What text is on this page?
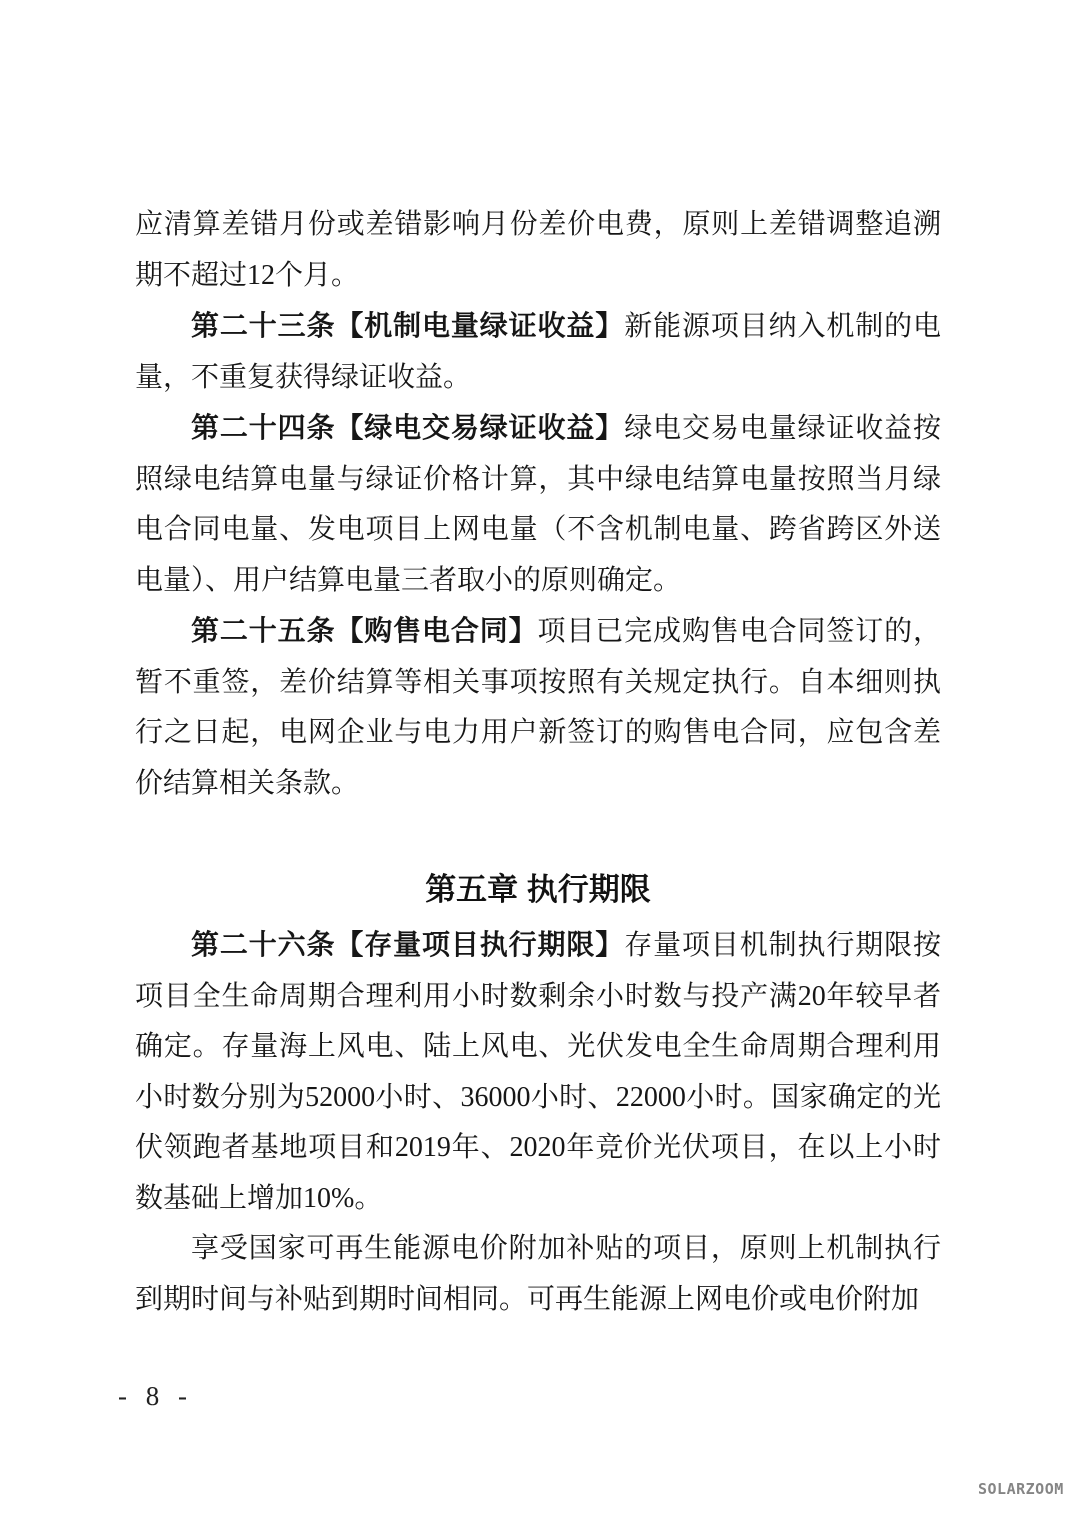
应清算差错月份或差错影响月份差价电费，原则上差错调整追溯期不超过12个月。

第二十三条【机制电量绿证收益】新能源项目纳入机制的电量，不重复获得绿证收益。

第二十四条【绿电交易绿证收益】绿电交易电量绿证收益按照绿电结算电量与绿证价格计算，其中绿电结算电量按照当月绿电合同电量、发电项目上网电量（不含机制电量、跨省跨区外送电量）、用户结算电量三者取小的原则确定。

第二十五条【购售电合同】项目已完成购售电合同签订的，暂不重签，差价结算等相关事项按照有关规定执行。自本细则执行之日起，电网企业与电力用户新签订的购售电合同，应包含差价结算相关条款。

第五章 执行期限

第二十六条【存量项目执行期限】存量项目机制执行期限按项目全生命周期合理利用小时数剩余小时数与投产满20年较早者确定。存量海上风电、陆上风电、光伏发电全生命周期合理利用小时数分别为52000小时、36000小时、22000小时。国家确定的光伏领跑者基地项目和2019年、2020年竞价光伏项目，在以上小时数基础上增加10%。

享受国家可再生能源电价附加补贴的项目，原则上机制执行到期时间与补贴到期时间相同。可再生能源上网电价或电价附加

- 8 -
SOLARZOOM
